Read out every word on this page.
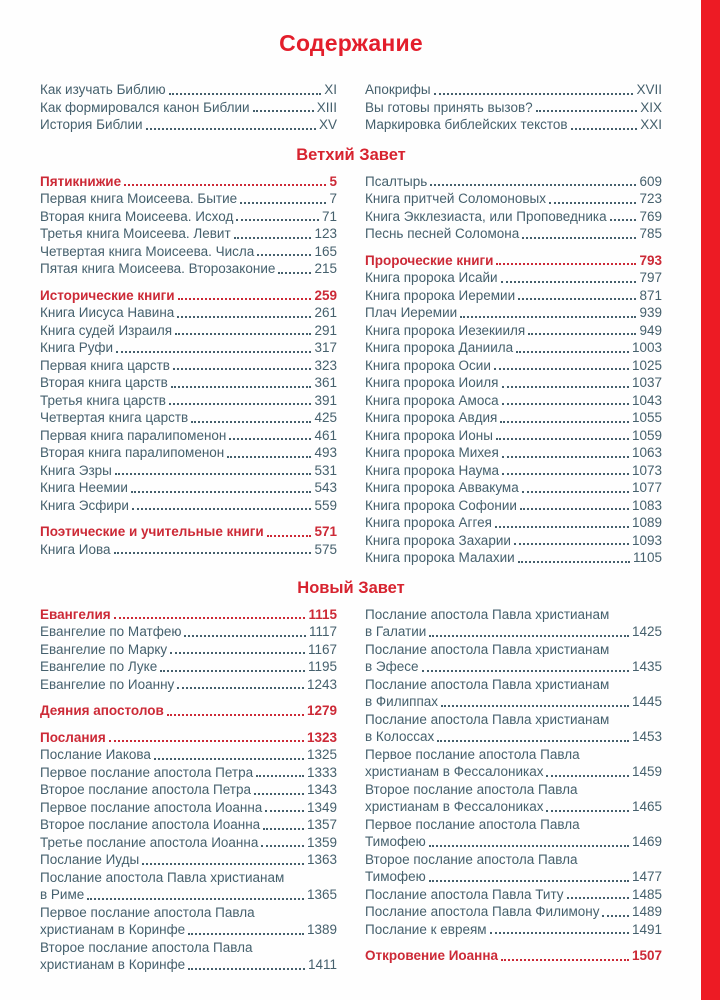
Содержание
Как изучать Библию	XI
Как формировался канон Библии	XIII
История Библии	XV
Апокрифы	XVII
Вы готовы принять вызов?	XIX
Маркировка библейских текстов	XXI
Ветхий Завет
Пятикнижие	5
Первая книга Моисеева. Бытие	7
Вторая книга Моисеева. Исход	71
Третья книга Моисеева. Левит	123
Четвертая книга Моисеева. Числа	165
Пятая книга Моисеева. Второзаконие	215
Исторические книги	259
Книга Иисуса Навина	261
Книга судей Израиля	291
Книга Руфи	317
Первая книга царств	323
Вторая книга царств	361
Третья книга царств	391
Четвертая книга царств	425
Первая книга паралипоменон	461
Вторая книга паралипоменон	493
Книга Эзры	531
Книга Неемии	543
Книга Эсфири	559
Поэтические и учительные книги	571
Книга Иова	575
Псалтырь	609
Книга притчей Соломоновых	723
Книга Экклезиаста, или Проповедника 769
Песнь песней Соломона	785
Пророческие книги	793
Книга пророка Исайи	797
Книга пророка Иеремии	871
Плач Иеремии	939
Книга пророка Иезекииля	949
Книга пророка Даниила	1003
Книга пророка Осии	1025
Книга пророка Иоиля	1037
Книга пророка Амоса	1043
Книга пророка Авдия	1055
Книга пророка Ионы	1059
Книга пророка Михея	1063
Книга пророка Наума	1073
Книга пророка Аввакума	1077
Книга пророка Софонии	1083
Книга пророка Аггея	1089
Книга пророка Захарии	1093
Книга пророка Малахии	1105
Новый Завет
Евангелия	1115
Евангелие по Матфею	1117
Евангелие по Марку	1167
Евангелие по Луке	1195
Евангелие по Иоанну	1243
Деяния апостолов	1279
Послания	1323
Послание Иакова	1325
Первое послание апостола Петра	1333
Второе послание апостола Петра	1343
Первое послание апостола Иоанна	1349
Второе послание апостола Иоанна	1357
Третье послание апостола Иоанна	1359
Послание Иуды	1363
Послание апостола Павла христианам
в Риме	1365
Первое послание апостола Павла
христианам в Коринфе	1389
Второе послание апостола Павла
христианам в Коринфе	1411
Послание апостола Павла христианам
в Галатии	1425
Послание апостола Павла христианам
в Эфесе	1435
Послание апостола Павла христианам
в Филиппах	1445
Послание апостола Павла христианам
в Колоссах	1453
Первое послание апостола Павла
христианам в Фессалониках	1459
Второе послание апостола Павла
христианам в Фессалониках	1465
Первое послание апостола Павла
Тимофею	1469
Второе послание апостола Павла
Тимофею	1477
Послание апостола Павла Титу	1485
Послание апостола Павла Филимону 1489
Послание к евреям	1491
Откровение Иоанна	1507
